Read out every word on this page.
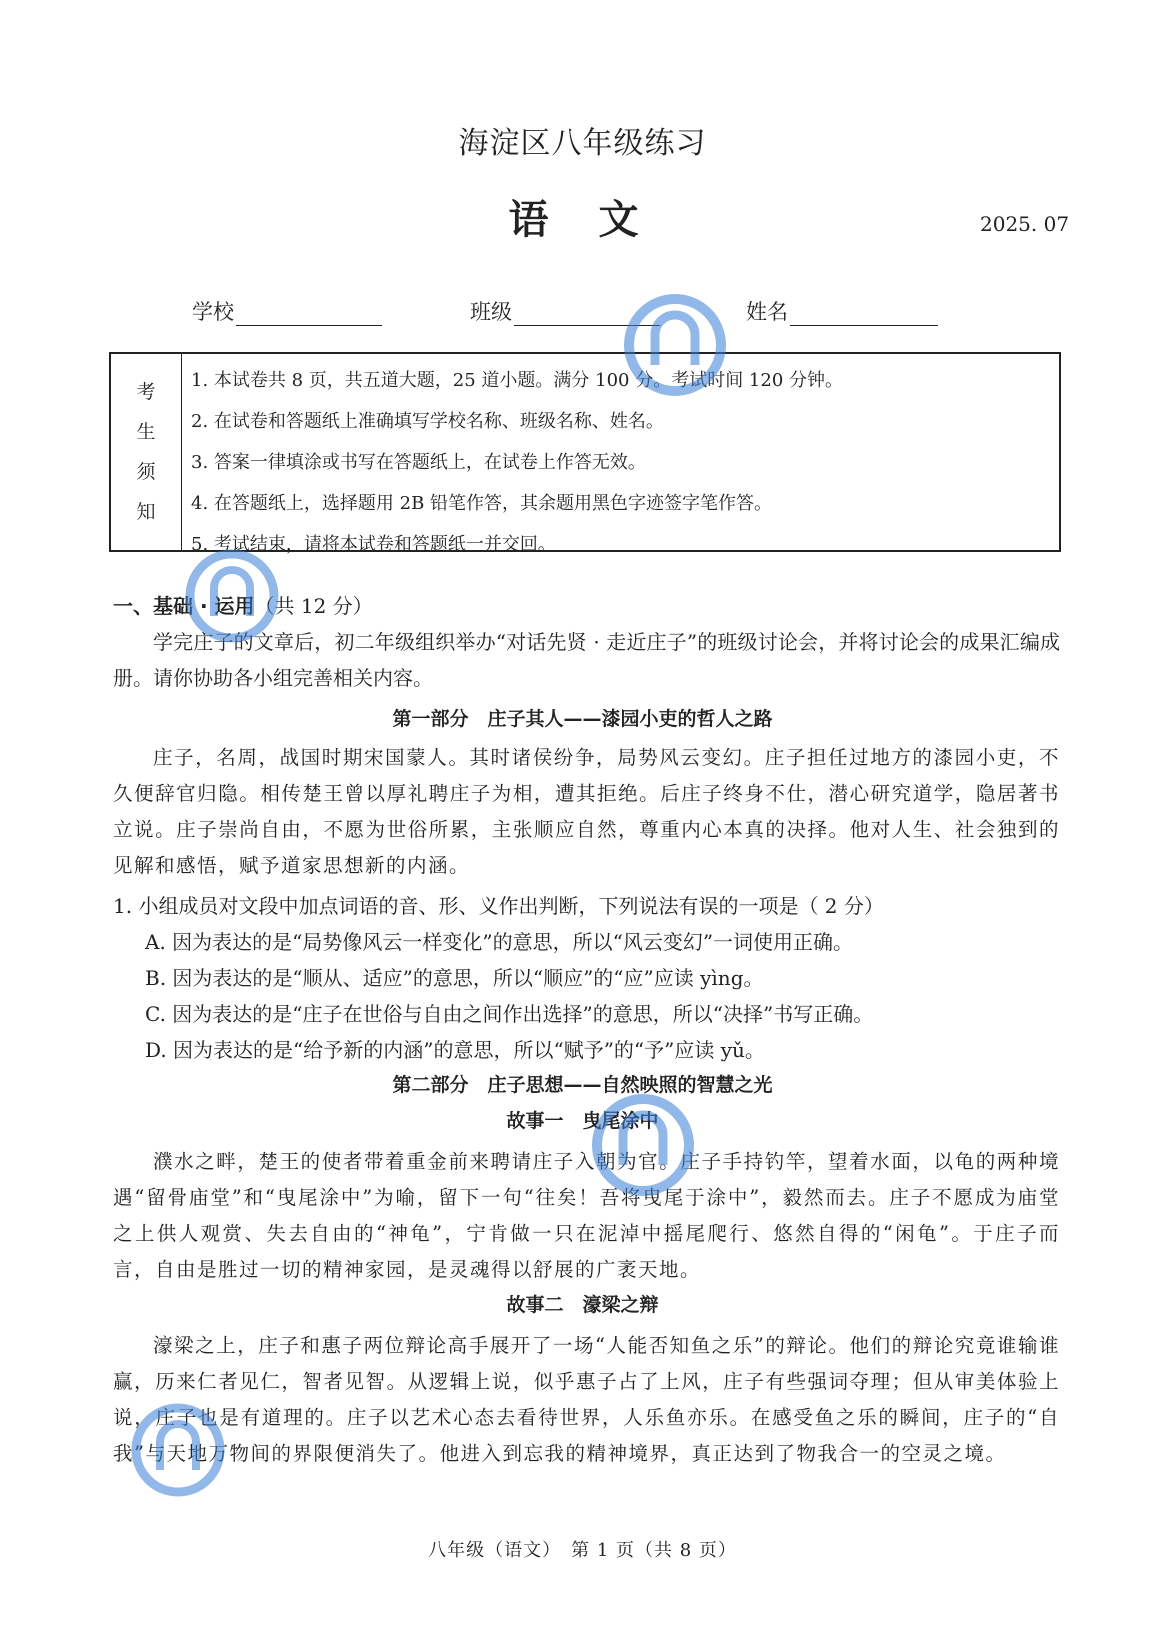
海淀区八年级练习
语 文	2025. 07
学校	班级	姓名
考
生
须
知
1. 本试卷共 8 页，共五道大题，25 道小题。满分 100 分。考试时间 120 分钟。
2. 在试卷和答题纸上准确填写学校名称、班级名称、姓名。
3. 答案一律填涂或书写在答题纸上，在试卷上作答无效。
4. 在答题纸上，选择题用 2B 铅笔作答，其余题用黑色字迹签字笔作答。
5. 考试结束，请将本试卷和答题纸一并交回。
一、基础 · 运用（共 12 分）
学完庄子的文章后，初二年级组织举办“对话先贤 · 走近庄子”的班级讨论会，并将讨论会的成果汇编成册。请你协助各小组完善相关内容。
第一部分　庄子其人——漆园小吏的哲人之路
庄子，名周，战国时期宋国蒙人。其时诸侯纷争，局势风云变幻。庄子担任过地方的漆园小吏，不久便辞官归隐。相传楚王曾以厚礼聘庄子为相，遭其拒绝。后庄子终身不仕，潜心研究道学，隐居著书立说。庄子崇尚自由，不愿为世俗所累，主张顺应自然，尊重内心本真的决择。他对人生、社会独到的见解和感悟，赋予道家思想新的内涵。
1. 小组成员对文段中加点词语的音、形、义作出判断，下列说法有误的一项是（ 2 分）
A. 因为表达的是“局势像风云一样变化”的意思，所以“风云变幻”一词使用正确。
B. 因为表达的是“顺从、适应”的意思，所以“顺应”的“应”应读 yìng。
C. 因为表达的是“庄子在世俗与自由之间作出选择”的意思，所以“决择”书写正确。
D. 因为表达的是“给予新的内涵”的意思，所以“赋予”的“予”应读 yǔ。
第二部分　庄子思想——自然映照的智慧之光
故事一　曳尾涂中
濮水之畔，楚王的使者带着重金前来聘请庄子入朝为官。庄子手持钓竿，望着水面，以龟的两种境遇“留骨庙堂”和“曳尾涂中”为喻，留下一句“往矣！吾将曳尾于涂中”，毅然而去。庄子不愿成为庙堂之上供人观赏、失去自由的“神龟”，宁肯做一只在泥淖中摇尾爬行、悠然自得的“闲龟”。于庄子而言，自由是胜过一切的精神家园，是灵魂得以舒展的广袤天地。
故事二　濠梁之辩
濠梁之上，庄子和惠子两位辩论高手展开了一场“人能否知鱼之乐”的辩论。他们的辩论究竟谁输谁赢，历来仁者见仁，智者见智。从逻辑上说，似乎惠子占了上风，庄子有些强词夺理；但从审美体验上说，庄子也是有道理的。庄子以艺术心态去看待世界，人乐鱼亦乐。在感受鱼之乐的瞬间，庄子的“自我”与天地万物间的界限便消失了。他进入到忘我的精神境界，真正达到了物我合一的空灵之境。
八年级（语文）　第 1 页（共 8 页）
